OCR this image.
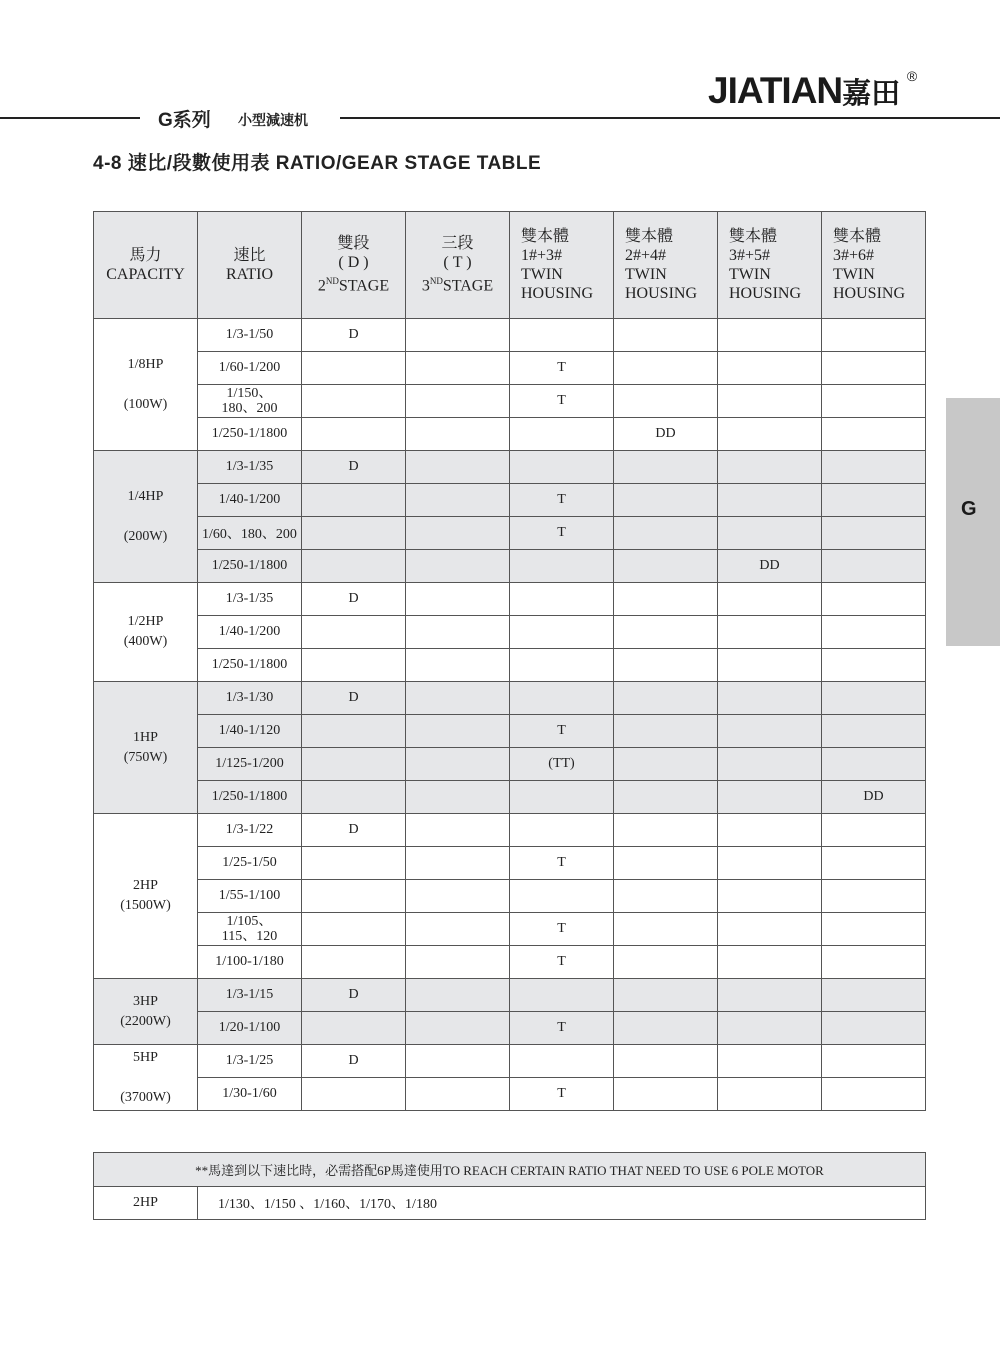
G系列 小型減速机
JIATIAN嘉田
®
4-8 速比/段數使用表 RATIO/GEAR STAGE TABLE
G
馬力
CAPACITY	速比
RATIO	雙段
( D )
2NDSTAGE	三段
( T )
3NDSTAGE	雙本體
1#+3#
TWIN
HOUSING	雙本體
2#+4#
TWIN
HOUSING	雙本體
3#+5#
TWIN
HOUSING	雙本體
3#+6#
TWIN
HOUSING
1/8HP

(100W)	1/3-1/50	D					
	1/60-1/200			T			
	1/150、
180、200			T			
	1/250-1/1800				DD		
1/4HP

(200W)	1/3-1/35	D					
	1/40-1/200			T			
	1/60、180、200			T			
	1/250-1/1800					DD	
1/2HP
(400W)	1/3-1/35	D					
	1/40-1/200						
	1/250-1/1800						
1HP
(750W)	1/3-1/30	D					
	1/40-1/120			T			
	1/125-1/200			(TT)			
	1/250-1/1800						DD
2HP
(1500W)	1/3-1/22	D					
	1/25-1/50			T			
	1/55-1/100						
	1/105、
115、120			T			
	1/100-1/180			T			
3HP
(2200W)	1/3-1/15	D					
	1/20-1/100			T			
5HP

(3700W)	1/3-1/25	D					
	1/30-1/60			T			
**馬達到以下速比時，必需搭配6P馬達使用TO REACH CERTAIN RATIO THAT NEED TO USE 6 POLE MOTOR
2HP	1/130、1/150 、1/160、1/170、1/180
